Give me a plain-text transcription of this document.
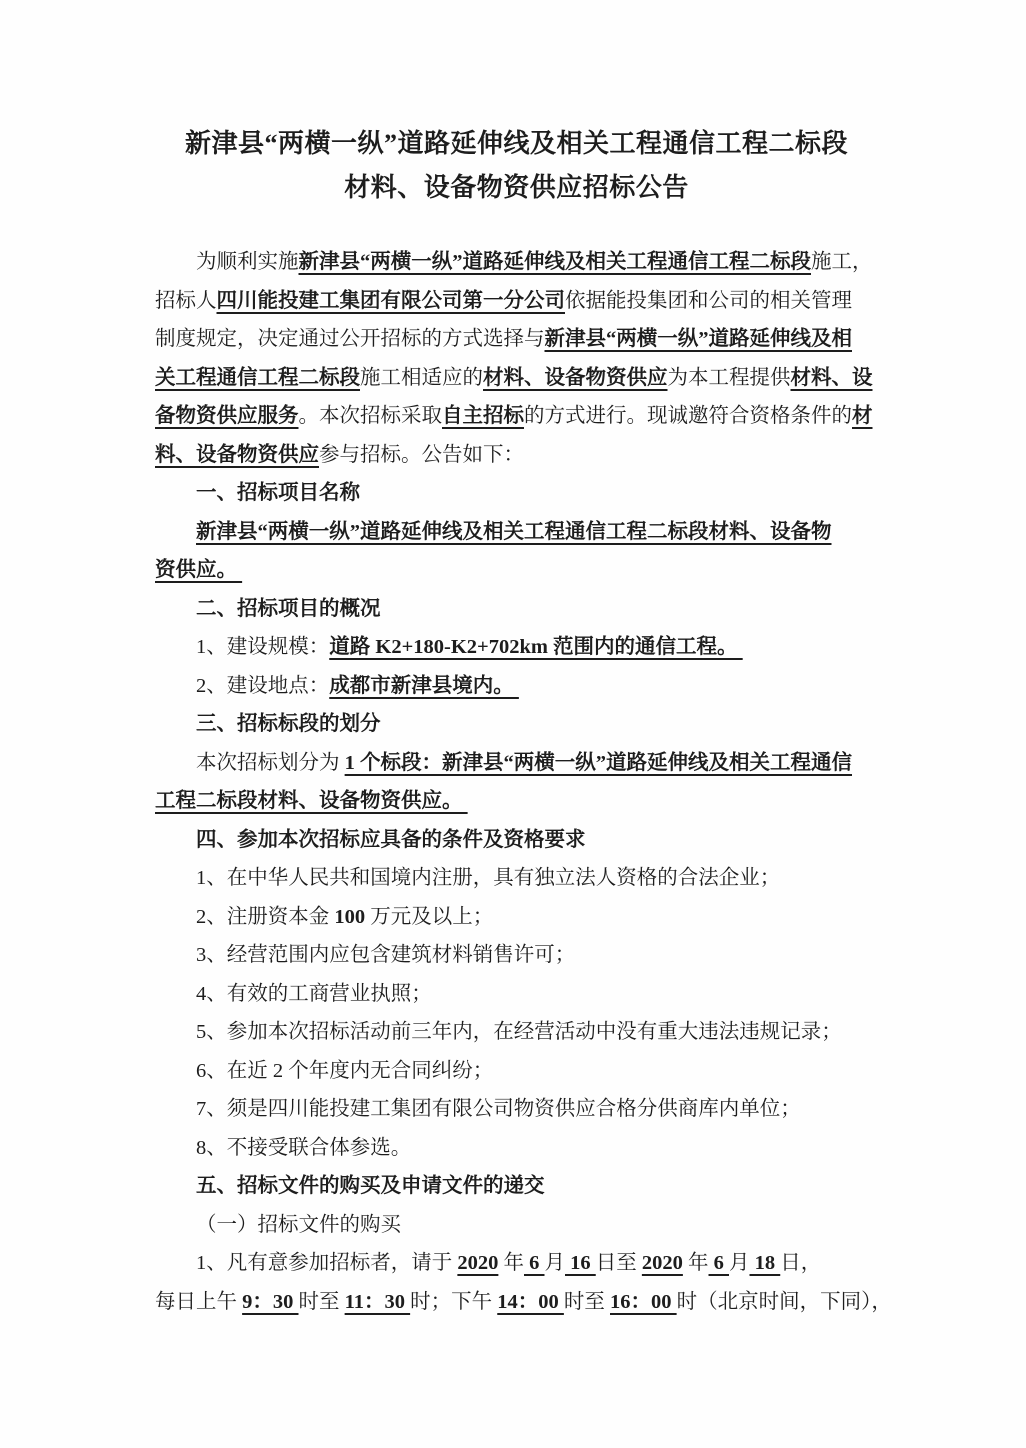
新津县“两横一纵”道路延伸线及相关工程通信工程二标段
材料、设备物资供应招标公告
为顺利实施新津县“两横一纵”道路延伸线及相关工程通信工程二标段施工，
招标人四川能投建工集团有限公司第一分公司依据能投集团和公司的相关管理
制度规定，决定通过公开招标的方式选择与新津县“两横一纵”道路延伸线及相
关工程通信工程二标段施工相适应的材料、设备物资供应为本工程提供材料、设
备物资供应服务。本次招标采取自主招标的方式进行。现诚邀符合资格条件的材
料、设备物资供应参与招标。公告如下：
一、招标项目名称
新津县“两横一纵”道路延伸线及相关工程通信工程二标段材料、设备物
资供应。
二、招标项目的概况
1、建设规模：道路 K2+180-K2+702km 范围内的通信工程。
2、建设地点：成都市新津县境内。
三、招标标段的划分
本次招标划分为 1 个标段：新津县“两横一纵”道路延伸线及相关工程通信
工程二标段材料、设备物资供应。
四、参加本次招标应具备的条件及资格要求
1、在中华人民共和国境内注册，具有独立法人资格的合法企业；
2、注册资本金 100 万元及以上；
3、经营范围内应包含建筑材料销售许可；
4、有效的工商营业执照；
5、参加本次招标活动前三年内，在经营活动中没有重大违法违规记录；
6、在近 2 个年度内无合同纠纷；
7、须是四川能投建工集团有限公司物资供应合格分供商库内单位；
8、不接受联合体参选。
五、招标文件的购买及申请文件的递交
（一）招标文件的购买
1、凡有意参加招标者，请于 2020 年 6 月 16 日至 2020 年 6 月 18 日，
每日上午 9：30 时至 11：30 时；下午 14：00 时至 16：00 时（北京时间，下同），
